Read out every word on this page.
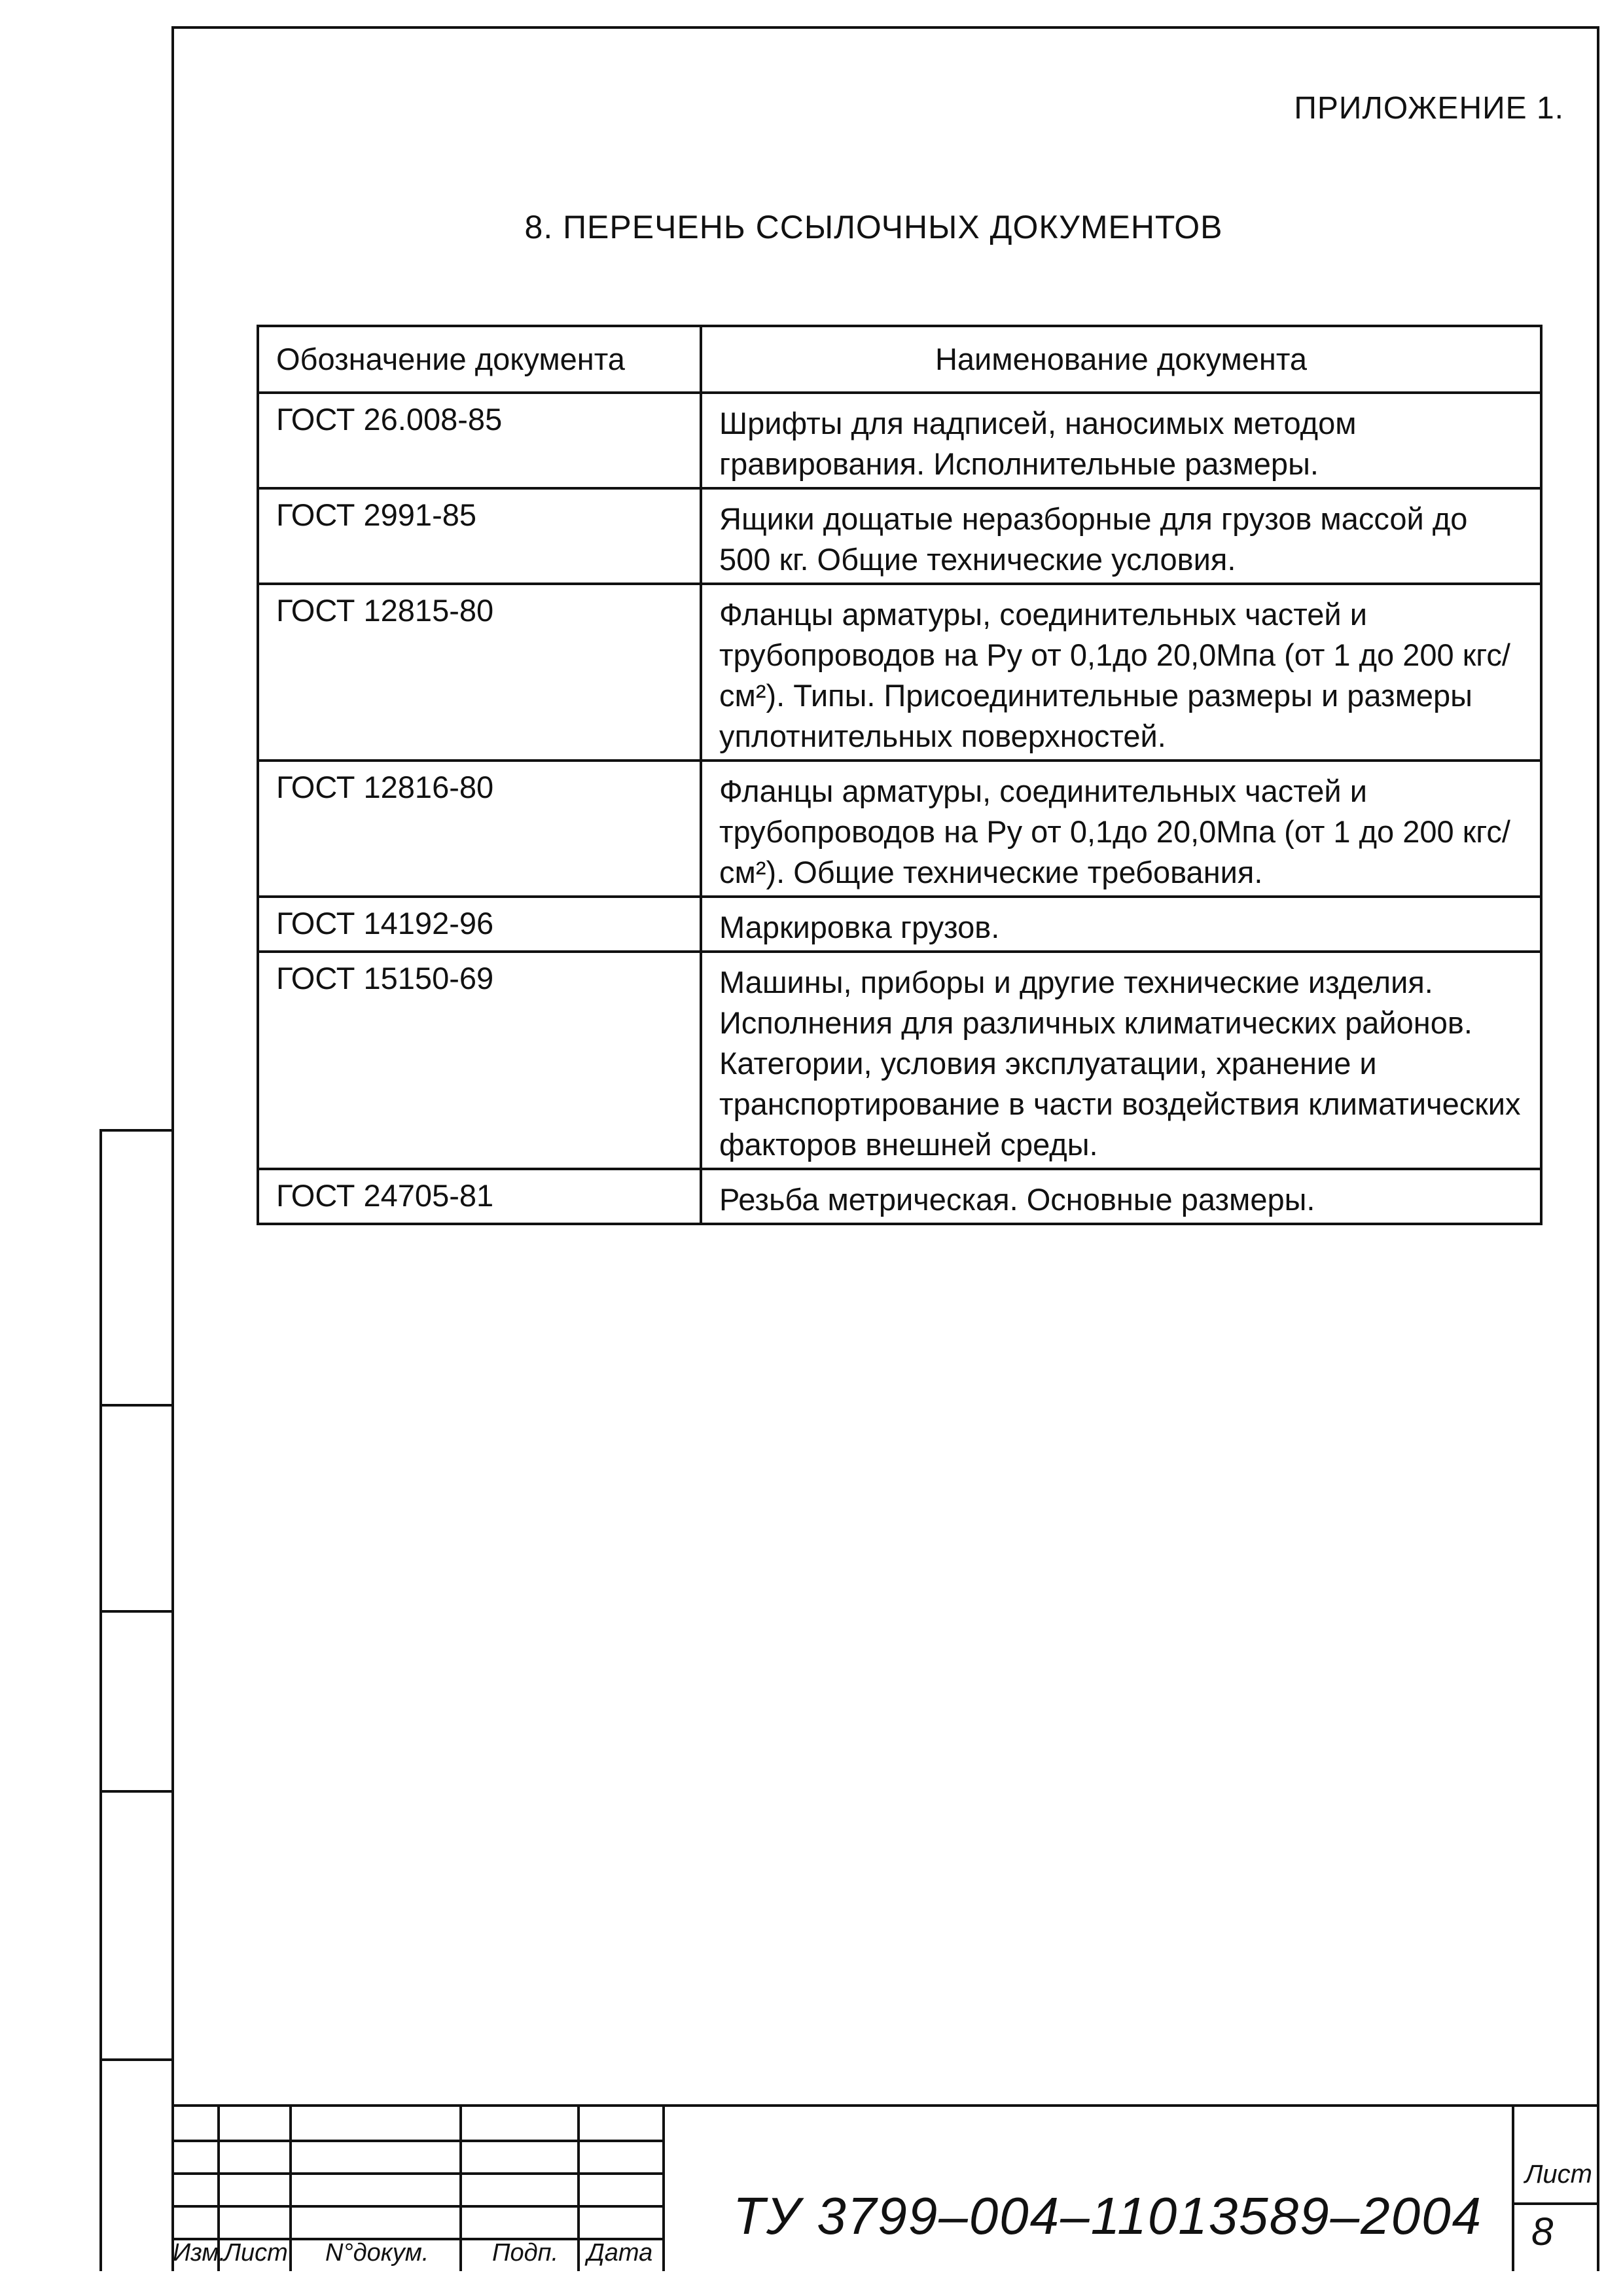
ПРИЛОЖЕНИЕ 1.
8. ПЕРЕЧЕНЬ ССЫЛОЧНЫХ ДОКУМЕНТОВ
Обозначение документа	Наименование документа
ГОСТ 26.008-85	Шрифты для надписей, наносимых методом гравирования. Исполнительные размеры.
ГОСТ 2991-85	Ящики дощатые неразборные для грузов массой до 500 кг. Общие технические условия.
ГОСТ 12815-80	Фланцы арматуры, соединительных частей и трубопроводов на Ру от 0,1до 20,0Мпа (от 1 до 200 кгс/см²). Типы. Присоединительные размеры и размеры уплотнительных поверхностей.
ГОСТ 12816-80	Фланцы арматуры, соединительных частей и трубопроводов на Ру от 0,1до 20,0Мпа (от 1 до 200 кгс/см²). Общие технические требования.
ГОСТ 14192-96	Маркировка грузов.
ГОСТ 15150-69	Машины, приборы и другие технические изделия. Исполнения для различных климатических районов. Категории, условия эксплуатации, хранение и транспортирование в части воздействия климатических факторов внешней среды.
ГОСТ 24705-81	Резьба метрическая. Основные размеры.
Изм.
Лист N°докум.	Подп. Дата
ТУ 3799–004–11013589–2004
Лист
8
